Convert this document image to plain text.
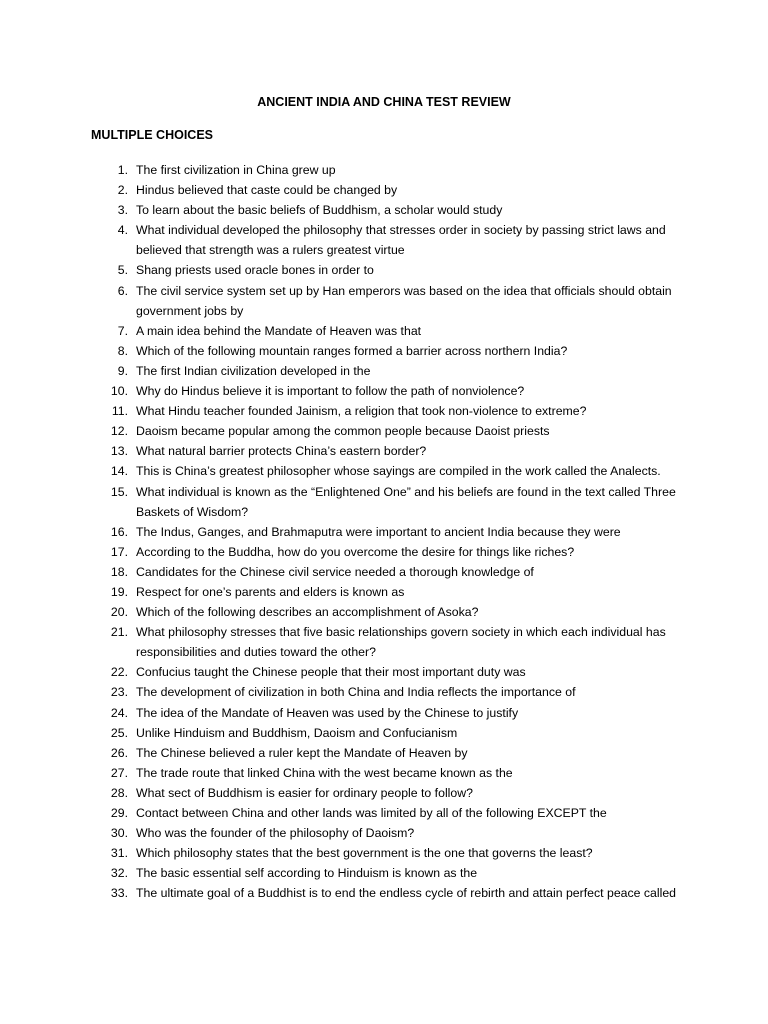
ANCIENT INDIA AND CHINA TEST REVIEW
MULTIPLE CHOICES
1. The first civilization in China grew up
2. Hindus believed that caste could be changed by
3. To learn about the basic beliefs of Buddhism, a scholar would study
4. What individual developed the philosophy that stresses order in society by passing strict laws and believed that strength was a rulers greatest virtue
5. Shang priests used oracle bones in order to
6. The civil service system set up by Han emperors was based on the idea that officials should obtain government jobs by
7. A main idea behind the Mandate of Heaven was that
8. Which of the following mountain ranges formed a barrier across northern India?
9. The first Indian civilization developed in the
10. Why do Hindus believe it is important to follow the path of nonviolence?
11. What Hindu teacher founded Jainism, a religion that took non-violence to extreme?
12. Daoism became popular among the common people because Daoist priests
13. What natural barrier protects China’s eastern border?
14. This is China’s greatest philosopher whose sayings are compiled in the work called the Analects.
15. What individual is known as the “Enlightened One” and his beliefs are found in the text called Three Baskets of Wisdom?
16. The Indus, Ganges, and Brahmaputra were important to ancient India because they were
17. According to the Buddha, how do you overcome the desire for things like riches?
18. Candidates for the Chinese civil service needed a thorough knowledge of
19. Respect for one’s parents and elders is known as
20. Which of the following describes an accomplishment of Asoka?
21. What philosophy stresses that five basic relationships govern society in which each individual has responsibilities and duties toward the other?
22. Confucius taught the Chinese people that their most important duty was
23. The development of civilization in both China and India reflects the importance of
24. The idea of the Mandate of Heaven was used by the Chinese to justify
25. Unlike Hinduism and Buddhism, Daoism and Confucianism
26. The Chinese believed a ruler kept the Mandate of Heaven by
27. The trade route that linked China with the west became known as the
28. What sect of Buddhism is easier for ordinary people to follow?
29. Contact between China and other lands was limited by all of the following EXCEPT the
30. Who was the founder of the philosophy of Daoism?
31. Which philosophy states that the best government is the one that governs the least?
32. The basic essential self according to Hinduism is known as the
33. The ultimate goal of a Buddhist is to end the endless cycle of rebirth and attain perfect peace called
